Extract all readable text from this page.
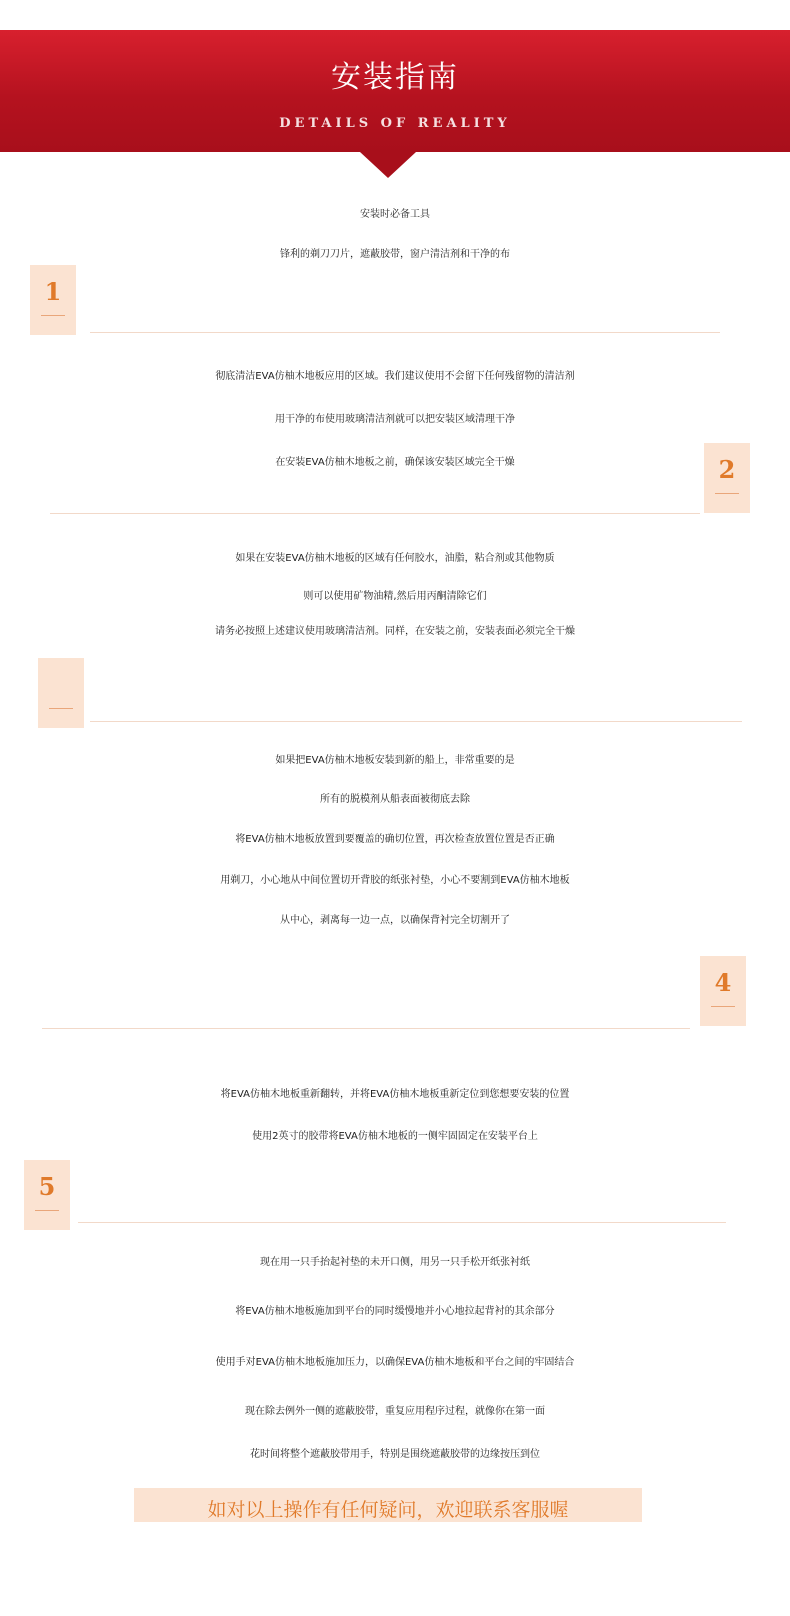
安装指南
DETAILS OF REALITY
安装时必备工具
锋利的剃刀刀片，遮蔽胶带，窗户清洁剂和干净的布
1
彻底清洁EVA仿柚木地板应用的区域。我们建议使用不会留下任何残留物的清洁剂
用干净的布使用玻璃清洁剂就可以把安装区域清理干净
在安装EVA仿柚木地板之前，确保该安装区域完全干燥	2
如果在安装EVA仿柚木地板的区域有任何胶水，油脂，粘合剂或其他物质
则可以使用矿物油精,然后用丙酮清除它们
请务必按照上述建议使用玻璃清洁剂。同样，在安装之前，安装表面必须完全干燥
如果把EVA仿柚木地板安装到新的船上，非常重要的是
所有的脱模剂从船表面被彻底去除
将EVA仿柚木地板放置到要覆盖的确切位置，再次检查放置位置是否正确
用剃刀，小心地从中间位置切开背胶的纸张衬垫，小心不要割到EVA仿柚木地板
从中心，剥离每一边一点，以确保背衬完全切割开了
4
将EVA仿柚木地板重新翻转，并将EVA仿柚木地板重新定位到您想要安装的位置
使用2英寸的胶带将EVA仿柚木地板的一侧牢固固定在安装平台上
5
现在用一只手抬起衬垫的未开口侧，用另一只手松开纸张衬纸
将EVA仿柚木地板施加到平台的同时缓慢地并小心地拉起背衬的其余部分
使用手对EVA仿柚木地板施加压力，以确保EVA仿柚木地板和平台之间的牢固结合
现在除去例外一侧的遮蔽胶带，重复应用程序过程，就像你在第一面
花时间将整个遮蔽胶带用手，特别是围绕遮蔽胶带的边缘按压到位
如对以上操作有任何疑问，欢迎联系客服喔
